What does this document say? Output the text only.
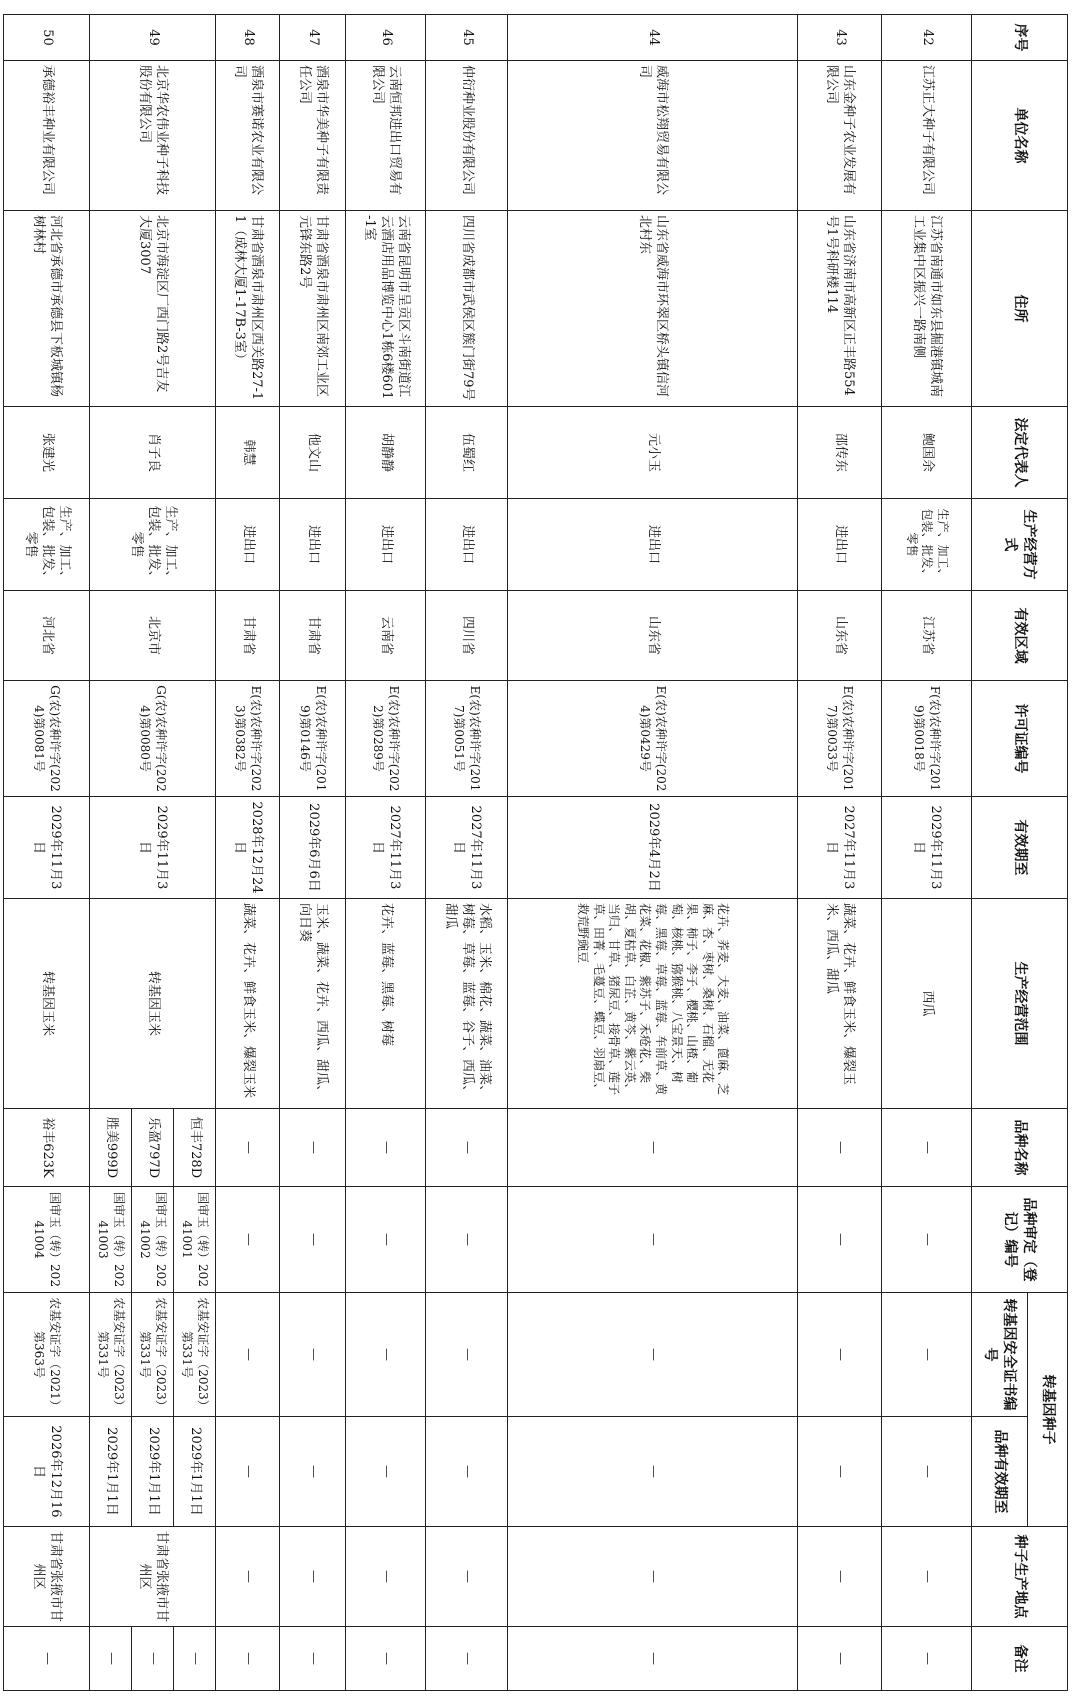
序号	单位名称	住所	法定代表人	生产经营方式	有效区域	许可证编号	有效期至	生产经营范围	品种名称	品种审定（登记）编号	转基因种子		种子生产地点	备注
											转基因安全证书编号	品种有效期至		
42	江苏正大种子有限公司	江苏省南通市如东县掘港镇城南工业集中区振兴一路南侧	鲍国余	生产、加工、包装、批发、零售	江苏省	F(农)农种许字(2019)第0018号	2029年11月3日	西瓜	—	—	—	—	—	—
43	山东金种子农业发展有限公司	山东省济南市高新区正丰路554号1号科研楼114	邵传东	进出口	山东省	E(农)农种许字(2017)第0033号	2027年11月3日	蔬菜、花卉、鲜食玉米、爆裂玉米、西瓜、甜瓜	—	—	—	—	—	—
44	威海市松翔贸易有限公司	山东省威海市环翠区桥头镇信河北村东	元小玉	进出口	山东省	E(农)农种许字(2024)第0429号	2029年4月2日	花卉、荞麦、大麦、油菜、蓖麻、芝麻、杏、枣树、桑树、石榴、无花果、柿子、李子、樱桃、山楂、葡萄、核桃、猕猴桃、八宝景天、树莓、黑莓、草莓、蓝莓、车前草、黄花菜、花椒、紫苏子、禾疮花、柴胡、夏枯草、白芷、黄芩、紫云英、当归、甘草、猪尿豆、接骨草、莲子草、田菁、毛蔓豆、蝶豆、羽扇豆、救荒野豌豆	—	—	—	—	—	—
45	仲衍种业股份有限公司	四川省成都市武侯区簇门街79号	伍蜀红	进出口	四川省	E(农)农种许字(2017)第0051号	2027年11月3日	水稻、玉米、棉花、蔬菜、油菜、树莓、草莓、蓝莓、谷子、西瓜、甜瓜	—	—	—	—	—	—
46	云南恒邦进出口贸易有限公司	云南省昆明市呈贡区斗南街道江云酒店用品博览中心1栋6楼601-1室	胡静静	进出口	云南省	E(农)农种许字(2022)第0289号	2027年11月3日	花卉、蓝莓、黑莓、树莓	—	—	—	—	—	—
47	酒泉市华美种子有限责任公司	甘肃省酒泉市肃州区南郊工业区元锋东路2号	他文山	进出口	甘肃省	E(农)农种许字(2019)第0146号	2029年6月6日	玉米、蔬菜、花卉、西瓜、甜瓜、向日葵	—	—	—	—	—	—
48	酒泉市赛诺农业有限公司	甘肃省酒泉市肃州区西关路27-11（成林大厦1-17B-3室）	韩慧	进出口	甘肃省	E(农)农种许字(2023)第0382号	2028年12月24日	蔬菜、花卉、鲜食玉米、爆裂玉米	—	—	—	—	—	—
49	北京华农伟业种子科技股份有限公司	北京市海淀区厂西门路2号吉友大厦3007	肖子良	生产、加工、包装、批发、零售	北京市	G(农)农种许字(2024)第0080号	2029年11月3日	转基因玉米	恒丰728D	国审玉（转）20241001	农基安证字（2023）第331号	2029年1月1日	甘肃省张掖市甘州区	—
									乐盈797D	国审玉（转）20241002	农基安证字（2023）第331号	2029年1月1日		—
									胜美999D	国审玉（转）20241003	农基安证字（2023）第331号	2029年1月1日		—
50	承德裕丰种业有限公司	河北省承德市承德县下板城镇杨树林村	张建光	生产、加工、包装、批发、零售	河北省	G(农)农种许字(2024)第0081号	2029年11月3日	转基因玉米	裕丰623K	国审玉（转）20241004	农基安证字（2021）第363号	2026年12月16日	甘肃省张掖市甘州区	—
